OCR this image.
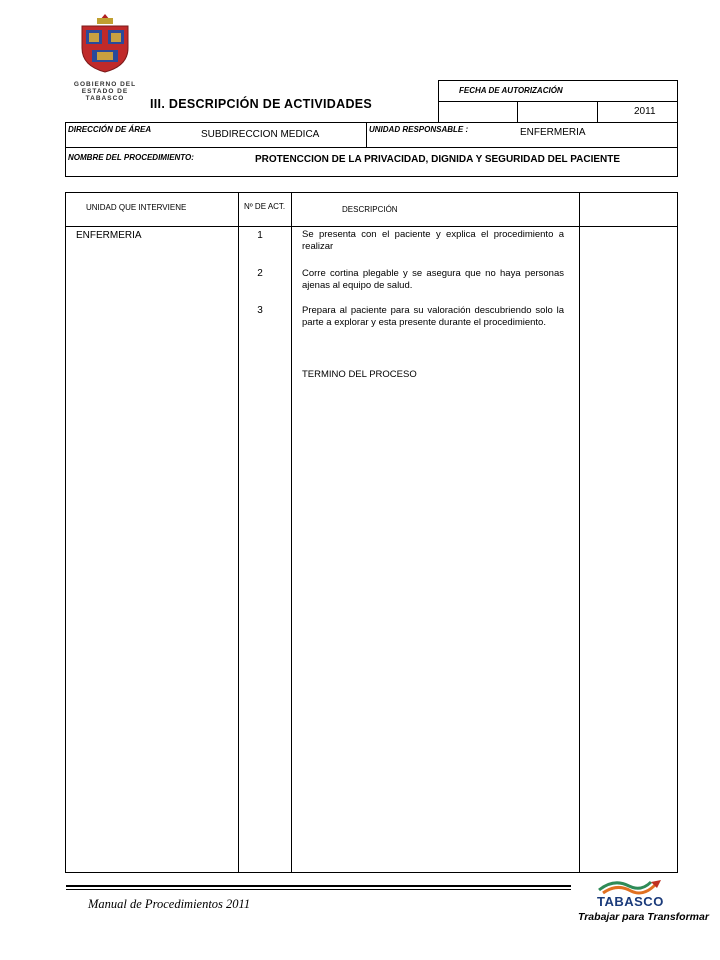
GOBIERNO DEL
ESTADO DE
TABASCO	III. DESCRIPCIÓN DE ACTIVIDADES
FECHA DE AUTORIZACIÓN
2011
DIRECCIÓN DE ÁREA	SUBDIRECCION MEDICA	UNIDAD RESPONSABLE :	ENFERMERIA
NOMBRE DEL PROCEDIMIENTO:	PROTENCCION DE LA PRIVACIDAD, DIGNIDA Y SEGURIDAD DEL PACIENTE
UNIDAD QUE INTERVIENE	Nº DE ACT.	DESCRIPCIÓN
ENFERMERIA	1	Se presenta con el paciente y explica el procedimiento a realizar
2	Corre cortina plegable y se asegura que no haya personas ajenas al equipo de salud.
3	Prepara al paciente para su valoración descubriendo solo la parte a explorar y esta presente durante el procedimiento.
TERMINO DEL PROCESO
Manual de Procedimientos 2011	TABASCO
Trabajar para Transformar
